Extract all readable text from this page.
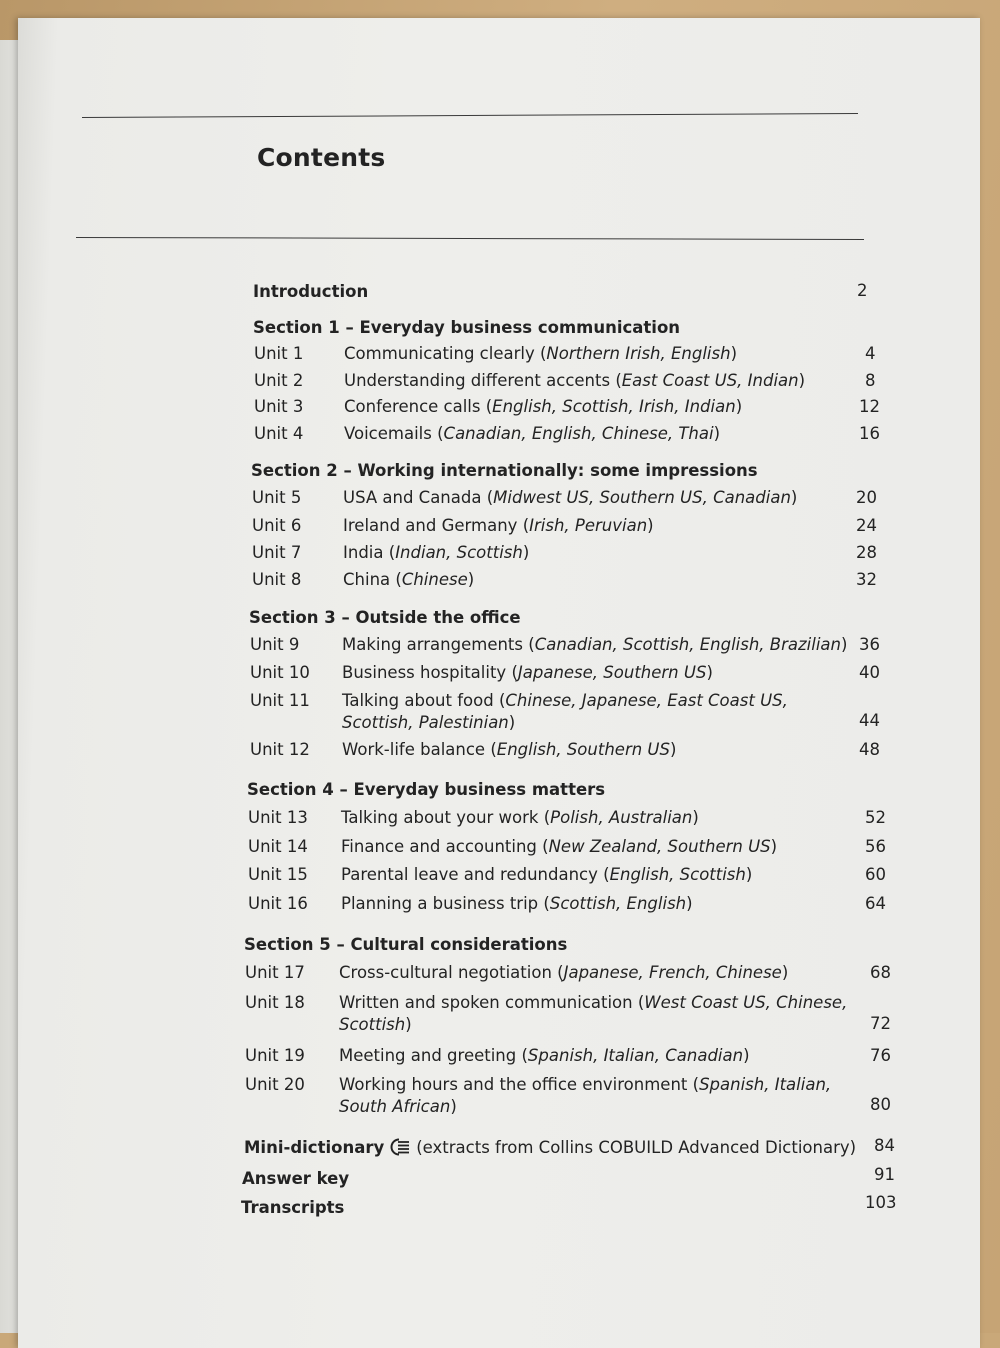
Contents
Introduction	2
Section 1 – Everyday business communication
Unit 1 Communicating clearly (Northern Irish, English)	4
Unit 2 Understanding different accents (East Coast US, Indian)	8
Unit 3 Conference calls (English, Scottish, Irish, Indian)	12
Unit 4 Voicemails (Canadian, English, Chinese, Thai)	16
Section 2 – Working internationally: some impressions
Unit 5	USA and Canada (Midwest US, Southern US, Canadian)	20
Unit 6	Ireland and Germany (Irish, Peruvian)	24
Unit 7	India (Indian, Scottish)	28
Unit 8	China (Chinese)	32
Section 3 – Outside the office
Unit 9	Making arrangements (Canadian, Scottish, English, Brazilian) 36
Unit 10 Business hospitality (Japanese, Southern US)	40
Unit 11 Talking about food (Chinese, Japanese, East Coast US,
Scottish, Palestinian)	44
Unit 12 Work-life balance (English, Southern US)	48
Section 4 – Everyday business matters
Unit 13 Talking about your work (Polish, Australian)	52
Unit 14 Finance and accounting (New Zealand, Southern US)	56
Unit 15 Parental leave and redundancy (English, Scottish)	60
Unit 16 Planning a business trip (Scottish, English)	64
Section 5 – Cultural considerations
Unit 17 Cross-cultural negotiation (Japanese, French, Chinese)	68
Unit 18 Written and spoken communication (West Coast US, Chinese,
Scottish)	72
Unit 19 Meeting and greeting (Spanish, Italian, Canadian)	76
Unit 20 Working hours and the office environment (Spanish, Italian,
South African)	80
Mini-dictionary (extracts from Collins COBUILD Advanced Dictionary) 84
Answer key	91
Transcripts	103
